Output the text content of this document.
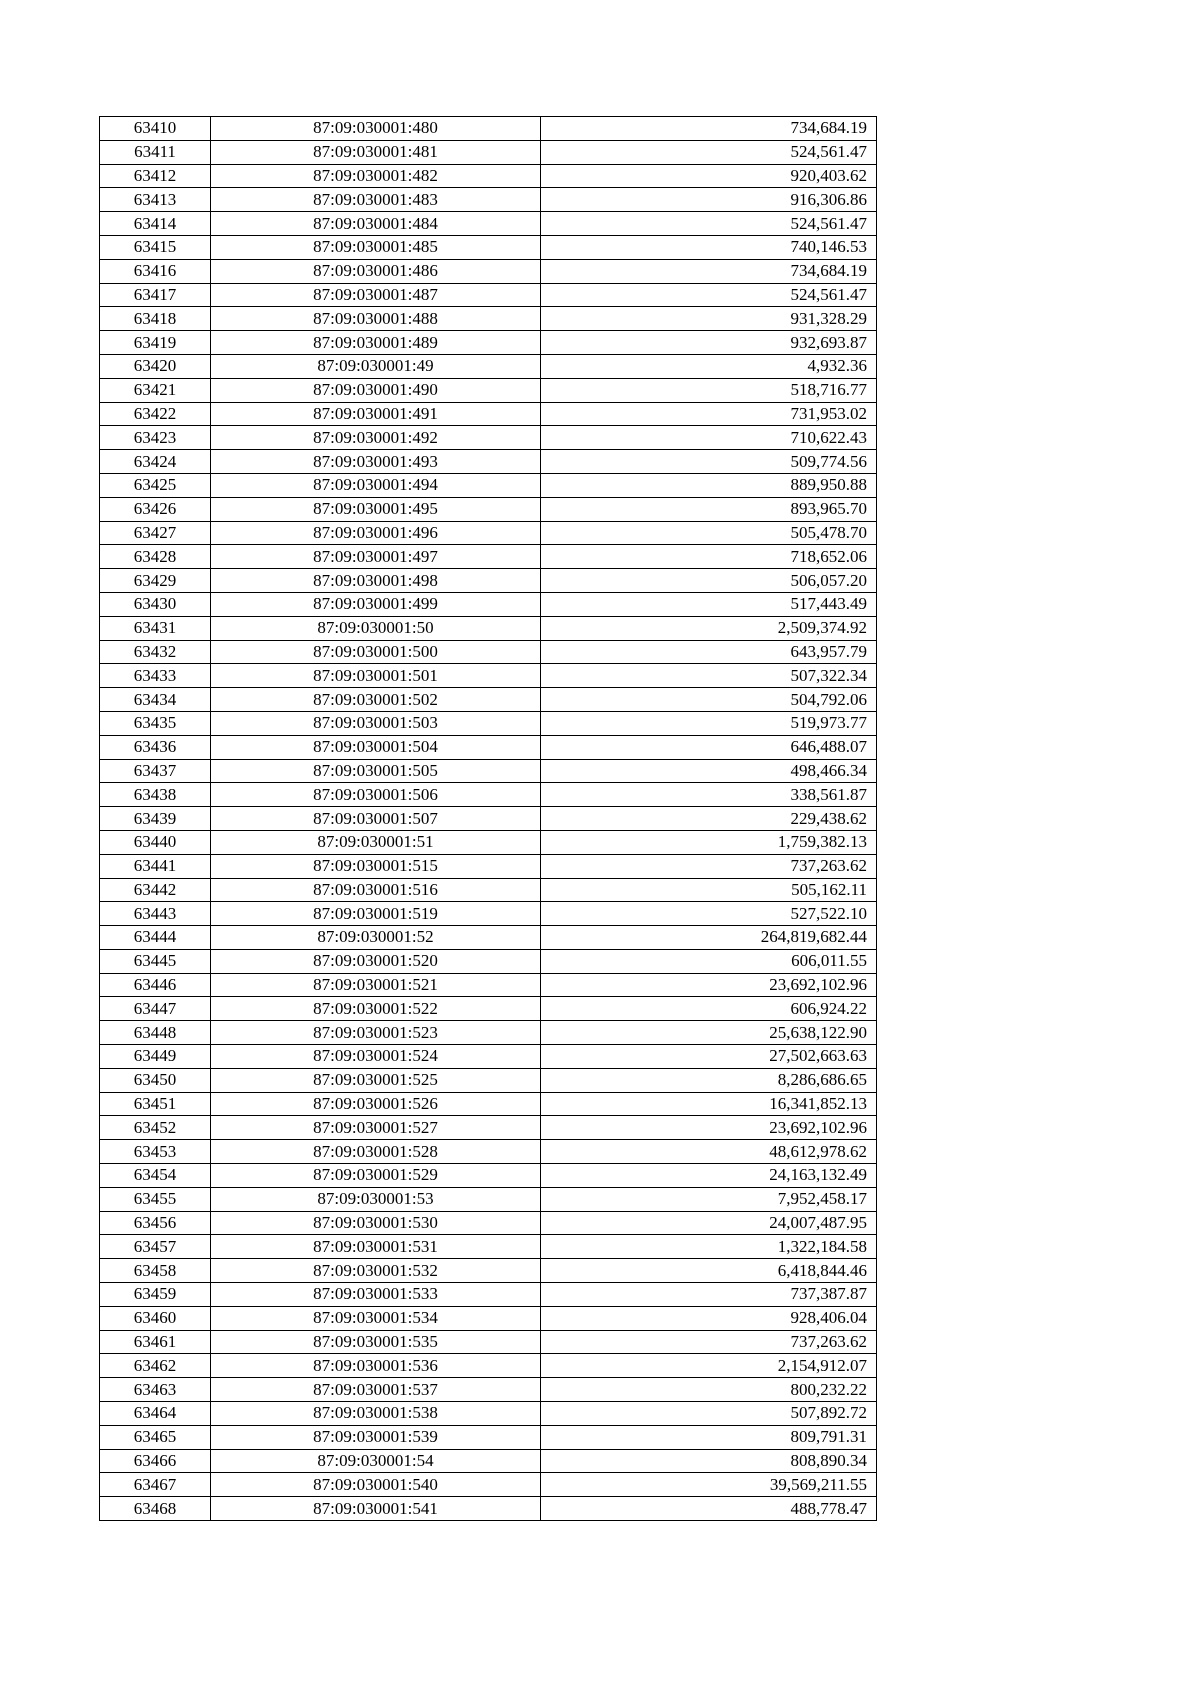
63410	87:09:030001:480	734,684.19
63411	87:09:030001:481	524,561.47
63412	87:09:030001:482	920,403.62
63413	87:09:030001:483	916,306.86
63414	87:09:030001:484	524,561.47
63415	87:09:030001:485	740,146.53
63416	87:09:030001:486	734,684.19
63417	87:09:030001:487	524,561.47
63418	87:09:030001:488	931,328.29
63419	87:09:030001:489	932,693.87
63420	87:09:030001:49	4,932.36
63421	87:09:030001:490	518,716.77
63422	87:09:030001:491	731,953.02
63423	87:09:030001:492	710,622.43
63424	87:09:030001:493	509,774.56
63425	87:09:030001:494	889,950.88
63426	87:09:030001:495	893,965.70
63427	87:09:030001:496	505,478.70
63428	87:09:030001:497	718,652.06
63429	87:09:030001:498	506,057.20
63430	87:09:030001:499	517,443.49
63431	87:09:030001:50	2,509,374.92
63432	87:09:030001:500	643,957.79
63433	87:09:030001:501	507,322.34
63434	87:09:030001:502	504,792.06
63435	87:09:030001:503	519,973.77
63436	87:09:030001:504	646,488.07
63437	87:09:030001:505	498,466.34
63438	87:09:030001:506	338,561.87
63439	87:09:030001:507	229,438.62
63440	87:09:030001:51	1,759,382.13
63441	87:09:030001:515	737,263.62
63442	87:09:030001:516	505,162.11
63443	87:09:030001:519	527,522.10
63444	87:09:030001:52	264,819,682.44
63445	87:09:030001:520	606,011.55
63446	87:09:030001:521	23,692,102.96
63447	87:09:030001:522	606,924.22
63448	87:09:030001:523	25,638,122.90
63449	87:09:030001:524	27,502,663.63
63450	87:09:030001:525	8,286,686.65
63451	87:09:030001:526	16,341,852.13
63452	87:09:030001:527	23,692,102.96
63453	87:09:030001:528	48,612,978.62
63454	87:09:030001:529	24,163,132.49
63455	87:09:030001:53	7,952,458.17
63456	87:09:030001:530	24,007,487.95
63457	87:09:030001:531	1,322,184.58
63458	87:09:030001:532	6,418,844.46
63459	87:09:030001:533	737,387.87
63460	87:09:030001:534	928,406.04
63461	87:09:030001:535	737,263.62
63462	87:09:030001:536	2,154,912.07
63463	87:09:030001:537	800,232.22
63464	87:09:030001:538	507,892.72
63465	87:09:030001:539	809,791.31
63466	87:09:030001:54	808,890.34
63467	87:09:030001:540	39,569,211.55
63468	87:09:030001:541	488,778.47
